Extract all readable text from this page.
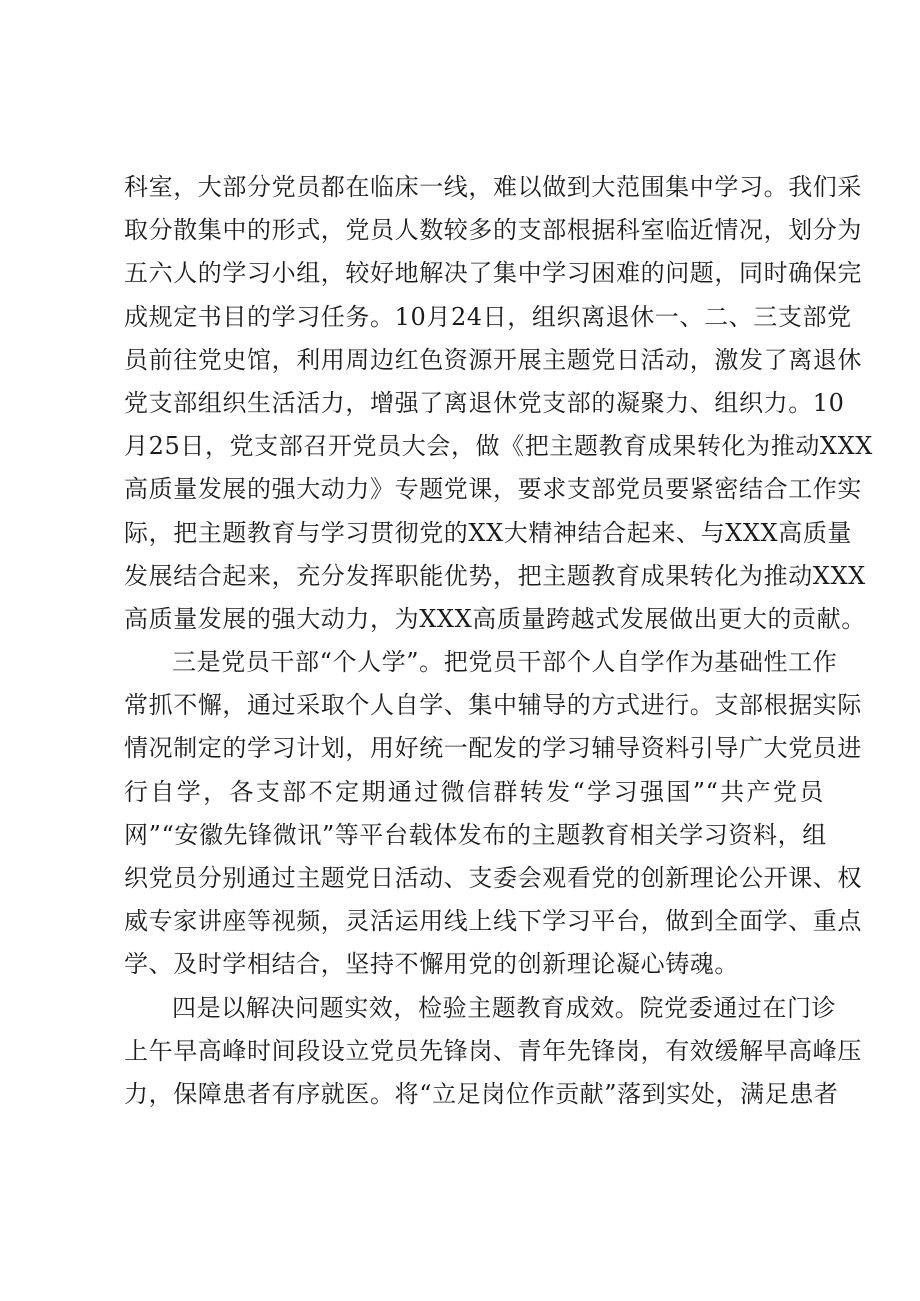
科室，大部分党员都在临床一线，难以做到大范围集中学习。我们采
取分散集中的形式，党员人数较多的支部根据科室临近情况，划分为
五六人的学习小组，较好地解决了集中学习困难的问题，同时确保完
成规定书目的学习任务。10月24日，组织离退休一、二、三支部党
员前往党史馆，利用周边红色资源开展主题党日活动，激发了离退休
党支部组织生活活力，增强了离退休党支部的凝聚力、组织力。10
月25日，党支部召开党员大会，做《把主题教育成果转化为推动XXX
高质量发展的强大动力》专题党课，要求支部党员要紧密结合工作实
际，把主题教育与学习贯彻党的XX大精神结合起来、与XXX高质量
发展结合起来，充分发挥职能优势，把主题教育成果转化为推动XXX
高质量发展的强大动力，为XXX高质量跨越式发展做出更大的贡献。
三是党员干部“个人学”。把党员干部个人自学作为基础性工作
常抓不懈，通过采取个人自学、集中辅导的方式进行。支部根据实际
情况制定的学习计划，用好统一配发的学习辅导资料引导广大党员进
行自学，各支部不定期通过微信群转发“学习强国”“共产党员
网”“安徽先锋微讯”等平台载体发布的主题教育相关学习资料，组
织党员分别通过主题党日活动、支委会观看党的创新理论公开课、权
威专家讲座等视频，灵活运用线上线下学习平台，做到全面学、重点
学、及时学相结合，坚持不懈用党的创新理论凝心铸魂。
四是以解决问题实效，检验主题教育成效。院党委通过在门诊
上午早高峰时间段设立党员先锋岗、青年先锋岗，有效缓解早高峰压
力，保障患者有序就医。将“立足岗位作贡献”落到实处，满足患者
